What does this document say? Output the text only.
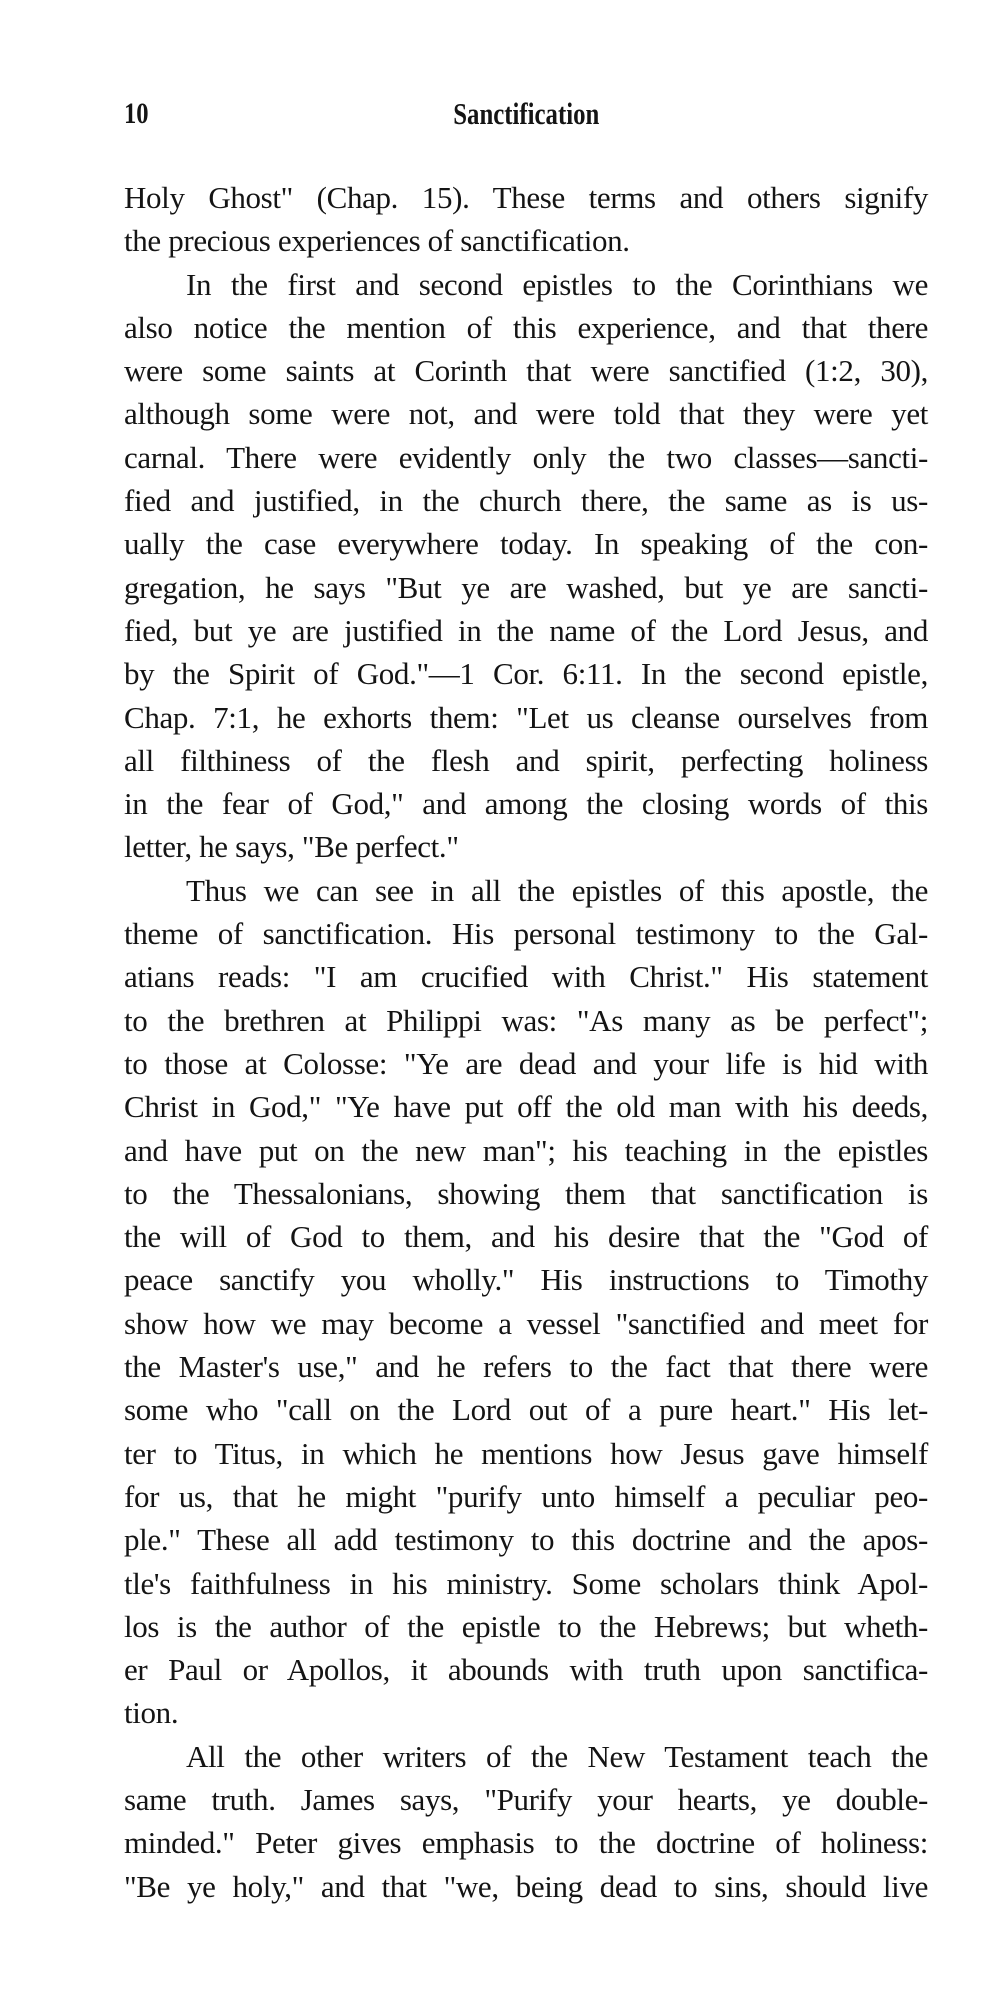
10	Sanctification
Holy Ghost" (Chap. 15). These terms and others signify
the precious experiences of sanctification.
In the first and second epistles to the Corinthians we
also notice the mention of this experience, and that there
were some saints at Corinth that were sanctified (1:2, 30),
although some were not, and were told that they were yet
carnal. There were evidently only the two classes—sancti-
fied and justified, in the church there, the same as is us-
ually the case everywhere today. In speaking of the con-
gregation, he says "But ye are washed, but ye are sancti-
fied, but ye are justified in the name of the Lord Jesus, and
by the Spirit of God."—1 Cor. 6:11. In the second epistle,
Chap. 7:1, he exhorts them: "Let us cleanse ourselves from
all filthiness of the flesh and spirit, perfecting holiness
in the fear of God," and among the closing words of this
letter, he says, "Be perfect."
Thus we can see in all the epistles of this apostle, the
theme of sanctification. His personal testimony to the Gal-
atians reads: "I am crucified with Christ." His statement
to the brethren at Philippi was: "As many as be perfect";
to those at Colosse: "Ye are dead and your life is hid with
Christ in God," "Ye have put off the old man with his deeds,
and have put on the new man"; his teaching in the epistles
to the Thessalonians, showing them that sanctification is
the will of God to them, and his desire that the "God of
peace sanctify you wholly." His instructions to Timothy
show how we may become a vessel "sanctified and meet for
the Master's use," and he refers to the fact that there were
some who "call on the Lord out of a pure heart." His let-
ter to Titus, in which he mentions how Jesus gave himself
for us, that he might "purify unto himself a peculiar peo-
ple." These all add testimony to this doctrine and the apos-
tle's faithfulness in his ministry. Some scholars think Apol-
los is the author of the epistle to the Hebrews; but wheth-
er Paul or Apollos, it abounds with truth upon sanctifica-
tion.
All the other writers of the New Testament teach the
same truth. James says, "Purify your hearts, ye double-
minded." Peter gives emphasis to the doctrine of holiness:
"Be ye holy," and that "we, being dead to sins, should live
